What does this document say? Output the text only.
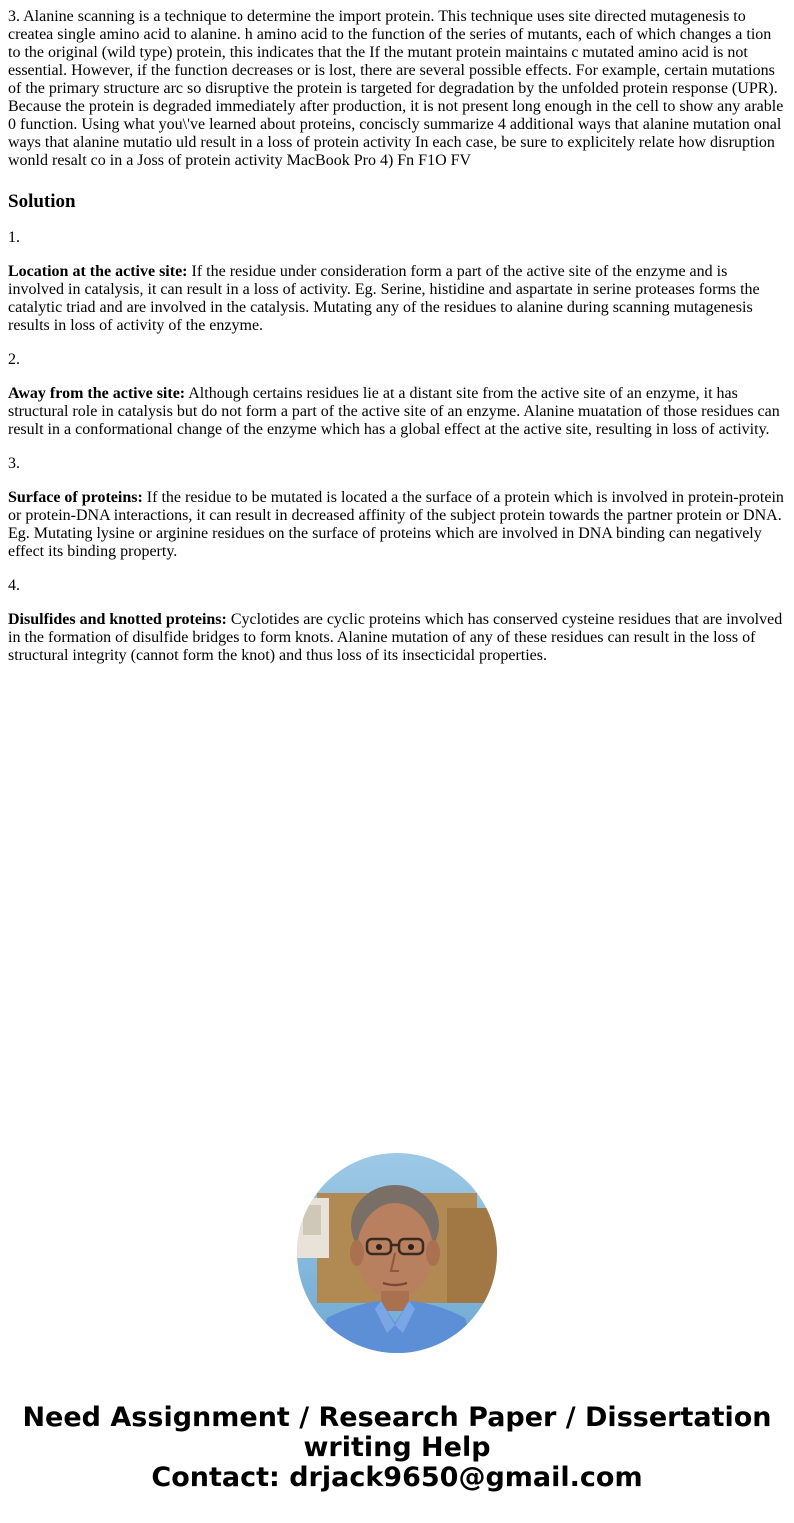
3. Alanine scanning is a technique to determine the import protein. This technique uses site directed mutagenesis to createa single amino acid to alanine. h amino acid to the function of the series of mutants, each of which changes a tion to the original (wild type) protein, this indicates that the If the mutant protein maintains c mutated amino acid is not essential. However, if the function decreases or is lost, there are several possible effects. For example, certain mutations of the primary structure arc so disruptive the protein is targeted for degradation by the unfolded protein response (UPR). Because the protein is degraded immediately after production, it is not present long enough in the cell to show any arable 0 function. Using what you\'ve learned about proteins, conciscly summarize 4 additional ways that alanine mutation onal ways that alanine mutatio uld result in a loss of protein activity In each case, be sure to explicitely relate how disruption wonld resalt co in a Joss of protein activity MacBook Pro 4) Fn F1O FV

Solution

1.

Location at the active site: If the residue under consideration form a part of the active site of the enzyme and is involved in catalysis, it can result in a loss of activity. Eg. Serine, histidine and aspartate in serine proteases forms the catalytic triad and are involved in the catalysis. Mutating any of the residues to alanine during scanning mutagenesis results in loss of activity of the enzyme.

2.

Away from the active site: Although certains residues lie at a distant site from the active site of an enzyme, it has structural role in catalysis but do not form a part of the active site of an enzyme. Alanine muatation of those residues can result in a conformational change of the enzyme which has a global effect at the active site, resulting in loss of activity.

3.

Surface of proteins: If the residue to be mutated is located a the surface of a protein which is involved in protein-protein or protein-DNA interactions, it can result in decreased affinity of the subject protein towards the partner protein or DNA. Eg. Mutating lysine or arginine residues on the surface of proteins which are involved in DNA binding can negatively effect its binding property.

4.

Disulfides and knotted proteins: Cyclotides are cyclic proteins which has conserved cysteine residues that are involved in the formation of disulfide bridges to form knots. Alanine mutation of any of these residues can result in the loss of structural integrity (cannot form the knot) and thus loss of its insecticidal properties.

Need Assignment / Research Paper / Dissertation
writing Help
Contact: drjack9650@gmail.com
